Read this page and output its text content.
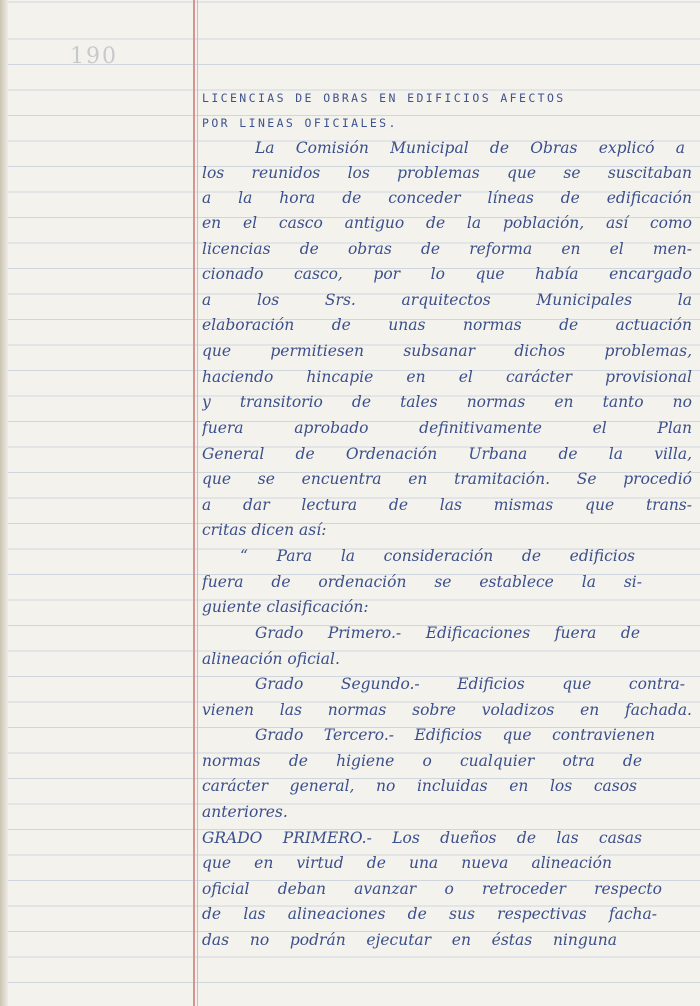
190
LICENCIAS DE OBRAS EN EDIFICIOS AFECTOS
POR LINEAS OFICIALES.
La Comisión Municipal de Obras explicó a
los reunidos los problemas que se suscitaban
a la hora de conceder líneas de edificación
en el casco antiguo de la población, así como
licencias de obras de reforma en el men-
cionado casco, por lo que había encargado
a los Srs. arquitectos Municipales la
elaboración de unas normas de actuación
que permitiesen subsanar dichos problemas,
haciendo hincapie en el carácter provisional
y transitorio de tales normas en tanto no
fuera aprobado definitivamente el Plan
General de Ordenación Urbana de la villa,
que se encuentra en tramitación. Se procedió
a dar lectura de las mismas que trans-
critas dicen así:
“ Para la consideración de edificios
fuera de ordenación se establece la si-
guiente clasificación:
Grado Primero.- Edificaciones fuera de
alineación oficial.
Grado Segundo.- Edificios que contra-
vienen las normas sobre voladizos en fachada.
Grado Tercero.- Edificios que contravienen
normas de higiene o cualquier otra de
carácter general, no incluidas en los casos
anteriores.
GRADO PRIMERO.- Los dueños de las casas
que en virtud de una nueva alineación
oficial deban avanzar o retroceder respecto
de las alineaciones de sus respectivas facha-
das no podrán ejecutar en éstas ninguna
